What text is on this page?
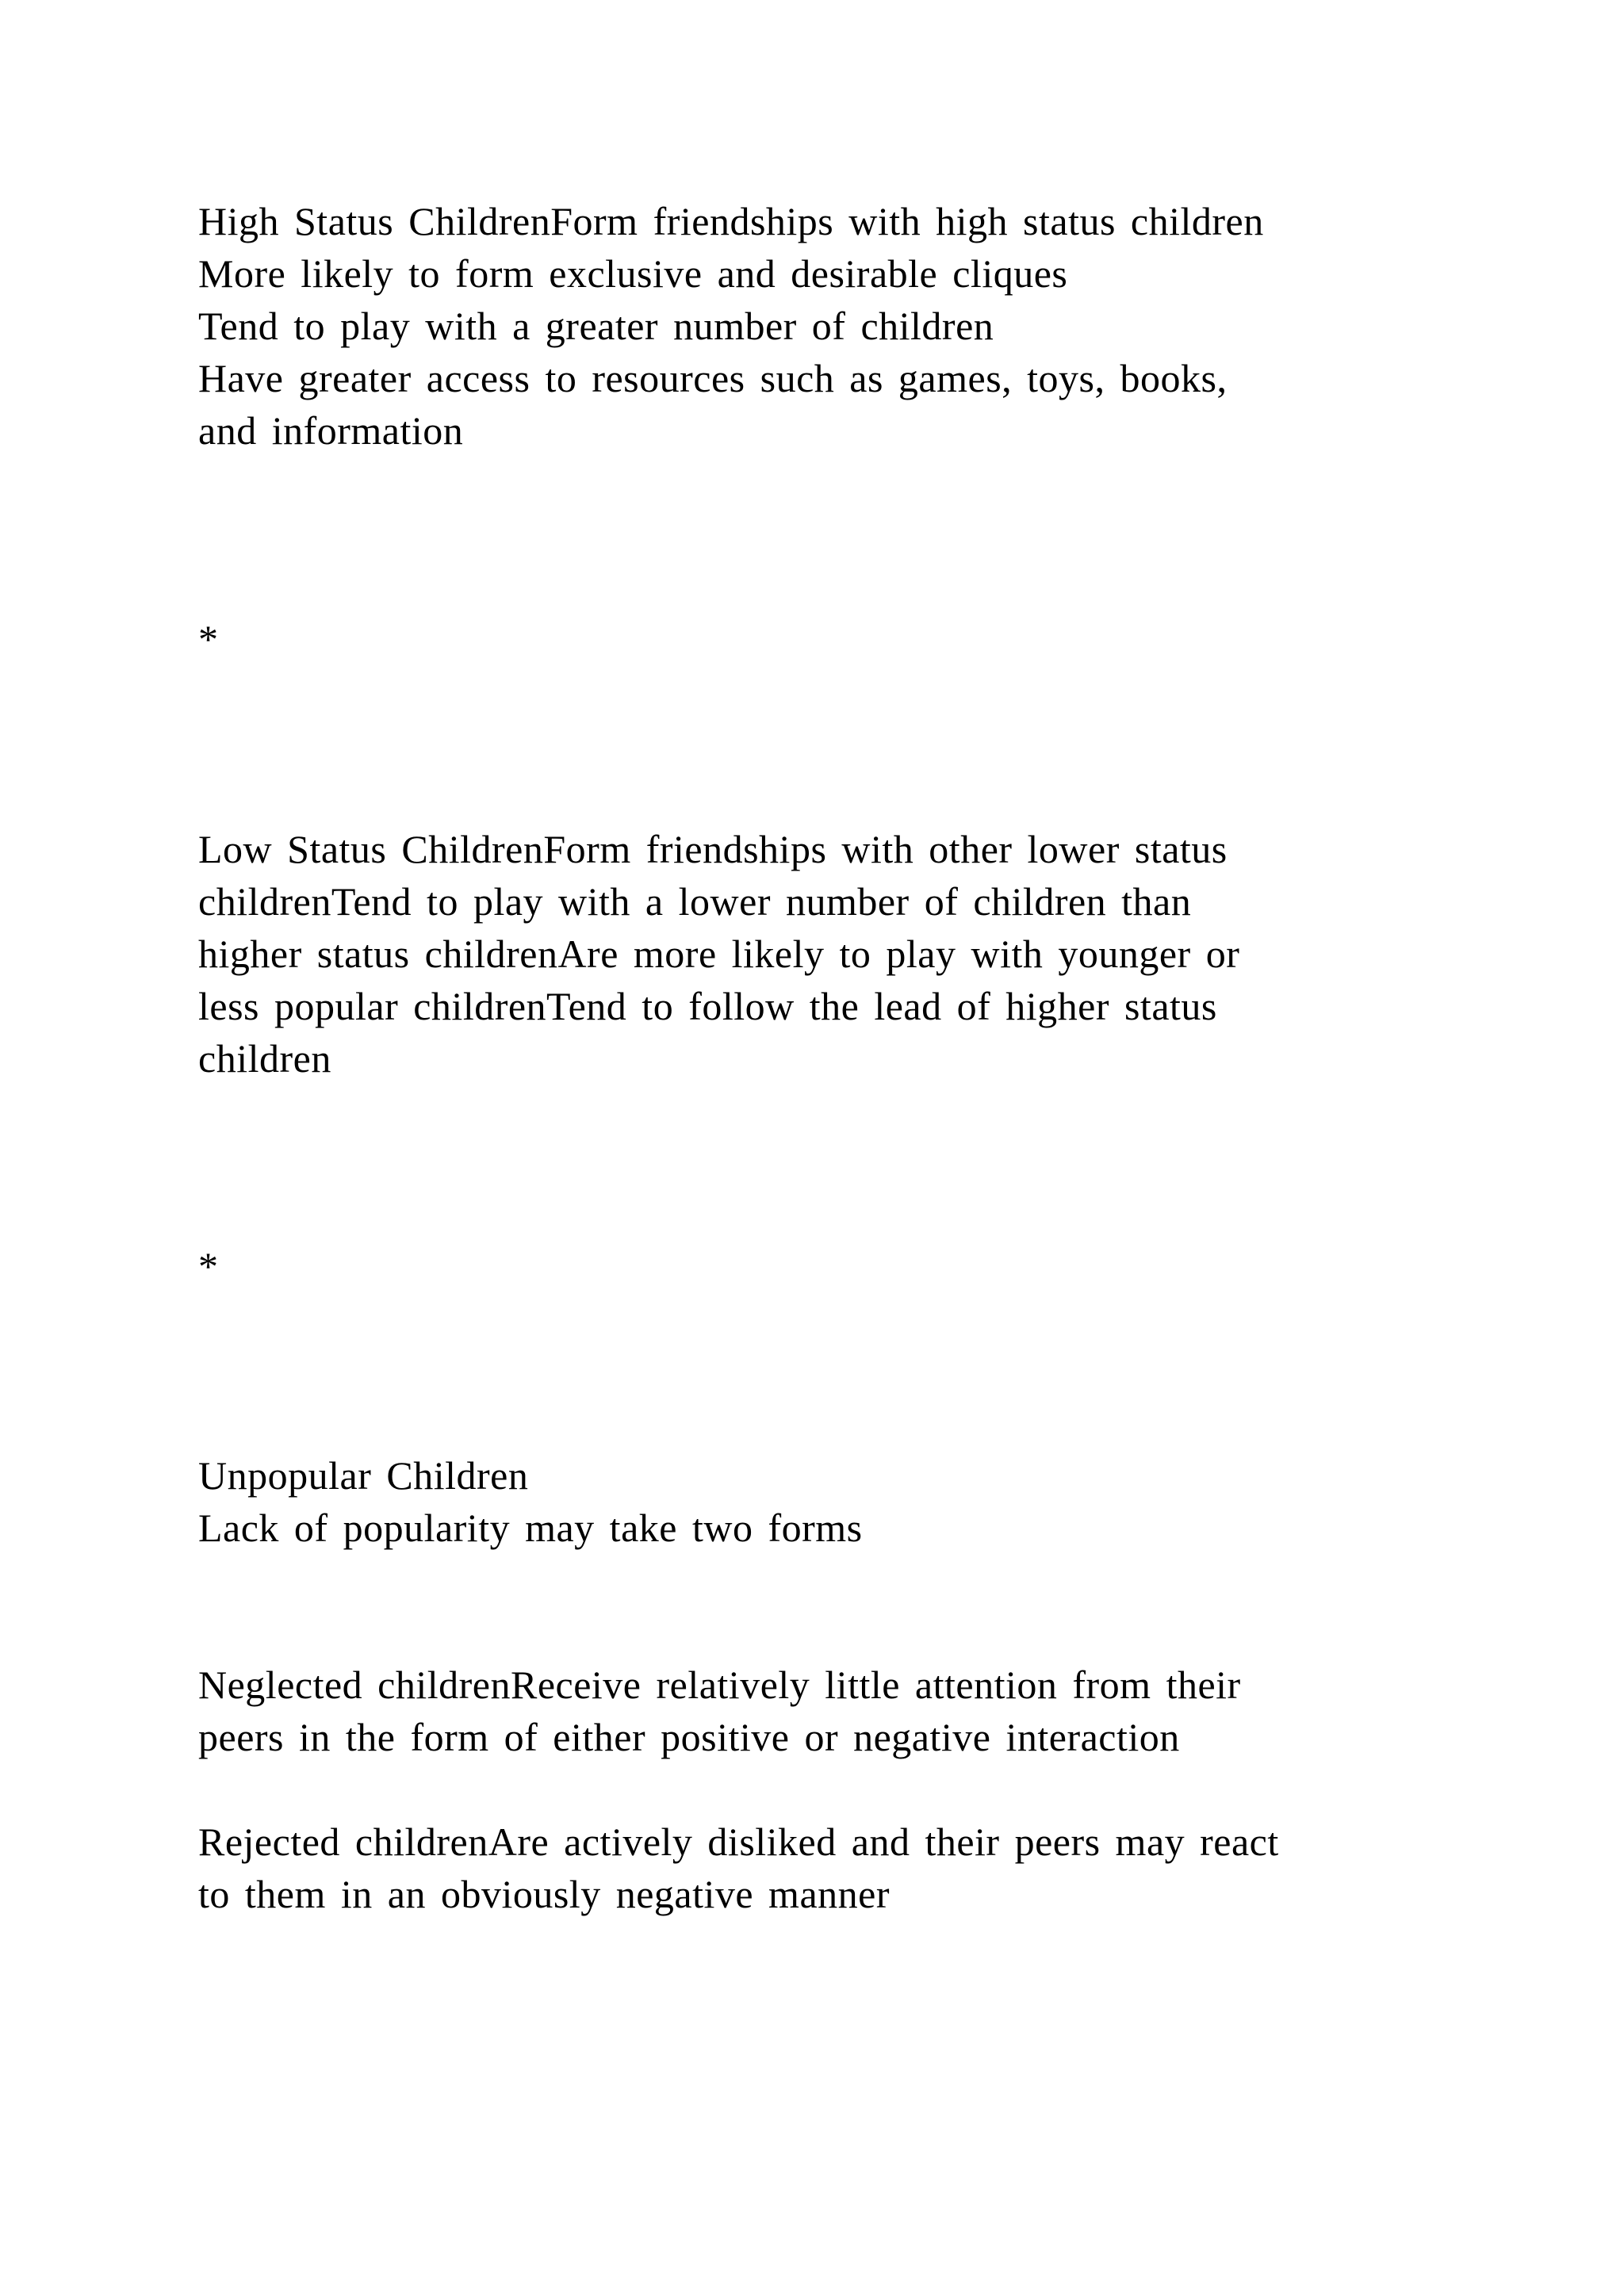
High Status ChildrenForm friendships with high status children
More likely to form exclusive and desirable cliques
Tend to play with a greater number of children
Have greater access to resources such as games, toys, books,
and information
*
Low Status ChildrenForm friendships with other lower status
childrenTend to play with a lower number of children than
higher status childrenAre more likely to play with younger or
less popular childrenTend to follow the lead of higher status
children
*
Unpopular Children
Lack of popularity may take two forms
Neglected childrenReceive relatively little attention from their
peers in the form of either positive or negative interaction
Rejected childrenAre actively disliked and their peers may react
to them in an obviously negative manner
